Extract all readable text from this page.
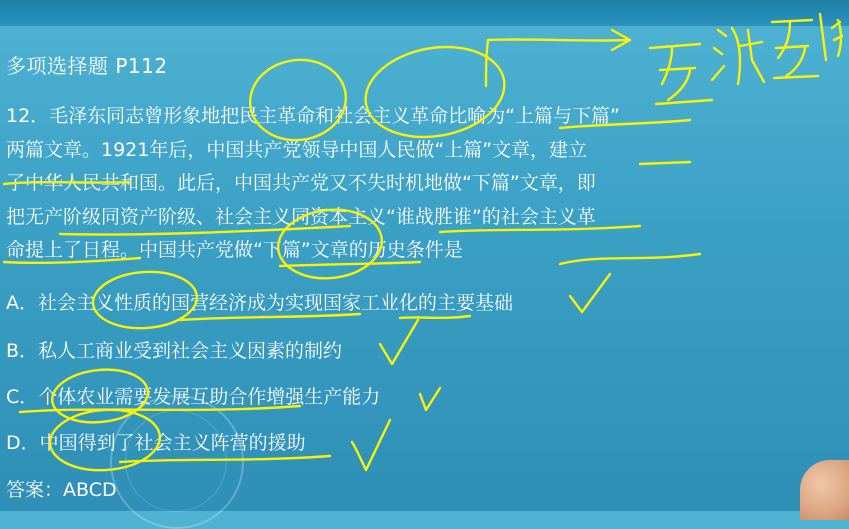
多项选择题 P112
12．毛泽东同志曾形象地把民主革命和社会主义革命比喻为“上篇与下篇”
两篇文章。1921年后，中国共产党领导中国人民做“上篇”文章，建立
了中华人民共和国。此后，中国共产党又不失时机地做“下篇”文章，即
把无产阶级同资产阶级、社会主义同资本主义“谁战胜谁”的社会主义革
命提上了日程。中国共产党做“下篇”文章的历史条件是
A．社会主义性质的国营经济成为实现国家工业化的主要基础
B．私人工商业受到社会主义因素的制约
C．个体农业需要发展互助合作增强生产能力
D．中国得到了社会主义阵营的援助
答案：ABCD
